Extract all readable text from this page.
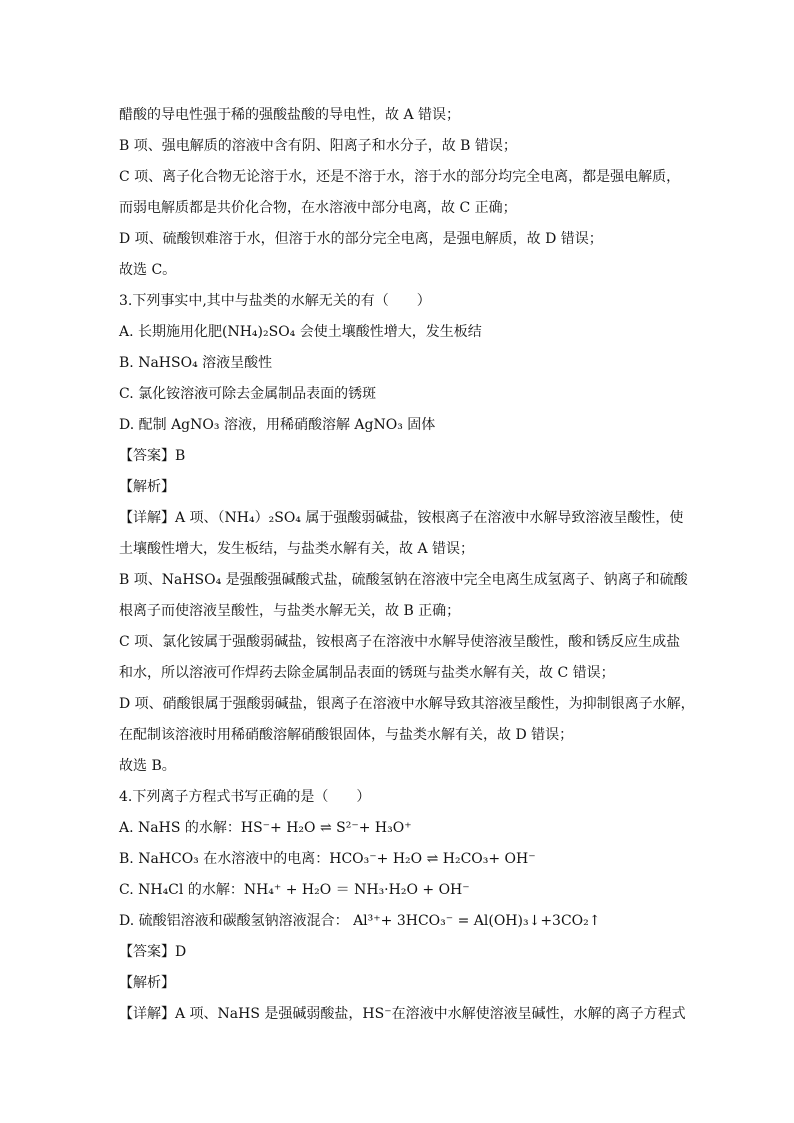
醋酸的导电性强于稀的强酸盐酸的导电性，故 A 错误；
B 项、强电解质的溶液中含有阴、阳离子和水分子，故 B 错误；
C 项、离子化合物无论溶于水，还是不溶于水，溶于水的部分均完全电离，都是强电解质，
而弱电解质都是共价化合物，在水溶液中部分电离，故 C 正确；
D 项、硫酸钡难溶于水，但溶于水的部分完全电离，是强电解质，故 D 错误；
故选 C。
3.下列事实中,其中与盐类的水解无关的有（　　）
A. 长期施用化肥(NH₄)₂SO₄ 会使土壤酸性增大，发生板结
B. NaHSO₄ 溶液呈酸性
C. 氯化铵溶液可除去金属制品表面的锈斑
D. 配制 AgNO₃ 溶液，用稀硝酸溶解 AgNO₃ 固体
【答案】B
【解析】
【详解】A 项、（NH₄）₂SO₄ 属于强酸弱碱盐，铵根离子在溶液中水解导致溶液呈酸性，使
土壤酸性增大，发生板结，与盐类水解有关，故 A 错误；
B 项、NaHSO₄ 是强酸强碱酸式盐，硫酸氢钠在溶液中完全电离生成氢离子、钠离子和硫酸
根离子而使溶液呈酸性，与盐类水解无关，故 B 正确；
C 项、氯化铵属于强酸弱碱盐，铵根离子在溶液中水解导使溶液呈酸性，酸和锈反应生成盐
和水，所以溶液可作焊药去除金属制品表面的锈斑与盐类水解有关，故 C 错误；
D 项、硝酸银属于强酸弱碱盐，银离子在溶液中水解导致其溶液呈酸性，为抑制银离子水解，
在配制该溶液时用稀硝酸溶解硝酸银固体，与盐类水解有关，故 D 错误；
故选 B。
4.下列离子方程式书写正确的是（　　）
A. NaHS 的水解：HS⁻+ H₂O ⇌ S²⁻+ H₃O⁺
B. NaHCO₃ 在水溶液中的电离：HCO₃⁻+ H₂O ⇌ H₂CO₃+ OH⁻
C. NH₄Cl 的水解：NH₄⁺ + H₂O ＝ NH₃·H₂O + OH⁻
D. 硫酸铝溶液和碳酸氢钠溶液混合： Al³⁺+ 3HCO₃⁻ = Al(OH)₃↓+3CO₂↑
【答案】D
【解析】
【详解】A 项、NaHS 是强碱弱酸盐，HS⁻在溶液中水解使溶液呈碱性，水解的离子方程式
